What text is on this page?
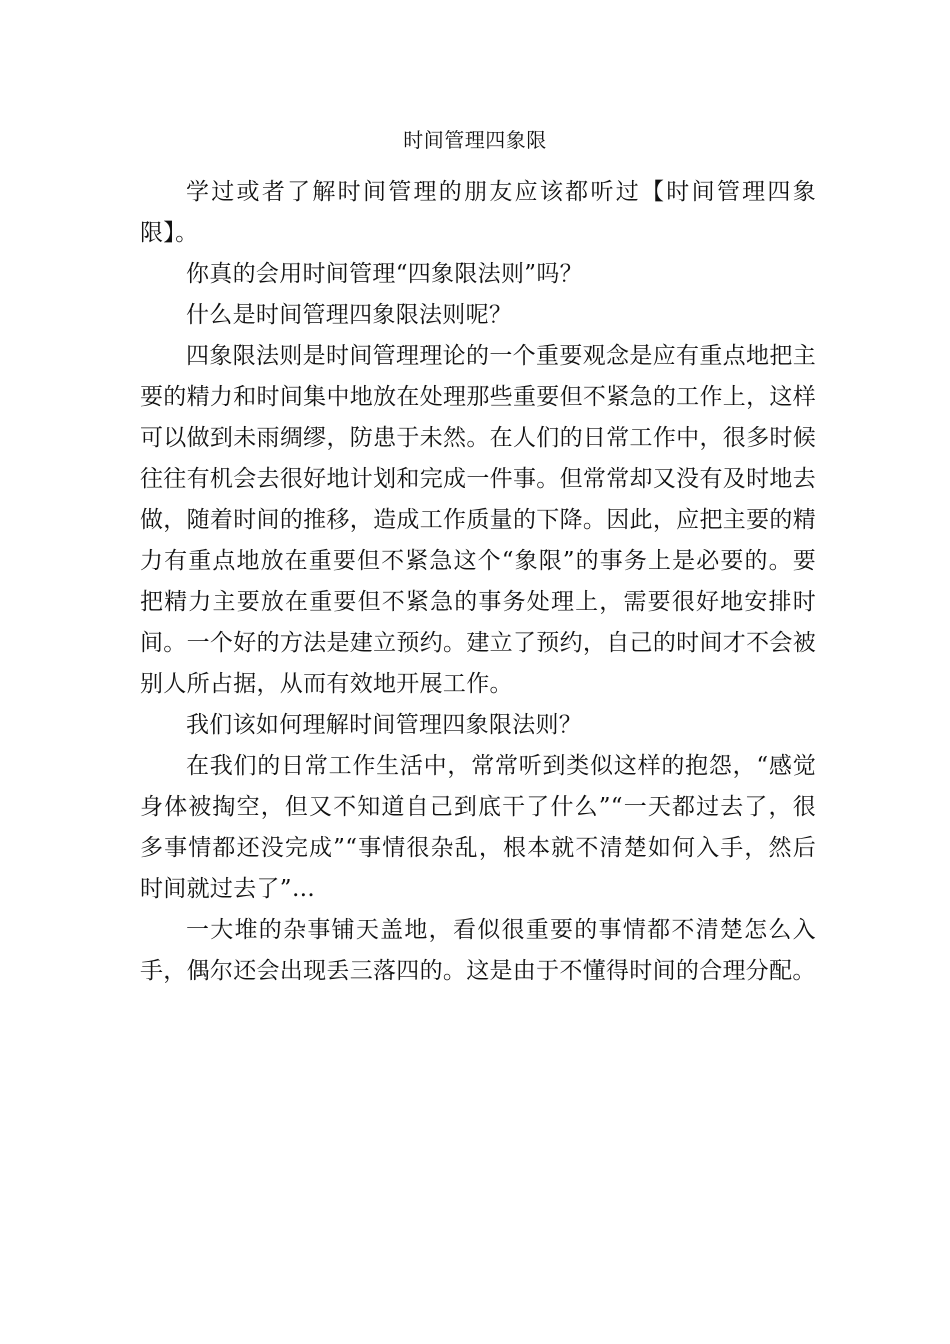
时间管理四象限

学过或者了解时间管理的朋友应该都听过【时间管理四象限】。

你真的会用时间管理“四象限法则”吗？

什么是时间管理四象限法则呢？

四象限法则是时间管理理论的一个重要观念是应有重点地把主要的精力和时间集中地放在处理那些重要但不紧急的工作上，这样可以做到未雨绸缪，防患于未然。在人们的日常工作中，很多时候往往有机会去很好地计划和完成一件事。但常常却又没有及时地去做，随着时间的推移，造成工作质量的下降。因此，应把主要的精力有重点地放在重要但不紧急这个“象限”的事务上是必要的。要把精力主要放在重要但不紧急的事务处理上，需要很好地安排时间。一个好的方法是建立预约。建立了预约，自己的时间才不会被别人所占据，从而有效地开展工作。

我们该如何理解时间管理四象限法则？

在我们的日常工作生活中，常常听到类似这样的抱怨，“感觉身体被掏空，但又不知道自己到底干了什么”“一天都过去了，很多事情都还没完成”“事情很杂乱，根本就不清楚如何入手，然后时间就过去了”…

一大堆的杂事铺天盖地，看似很重要的事情都不清楚怎么入手，偶尔还会出现丢三落四的。这是由于不懂得时间的合理分配。
